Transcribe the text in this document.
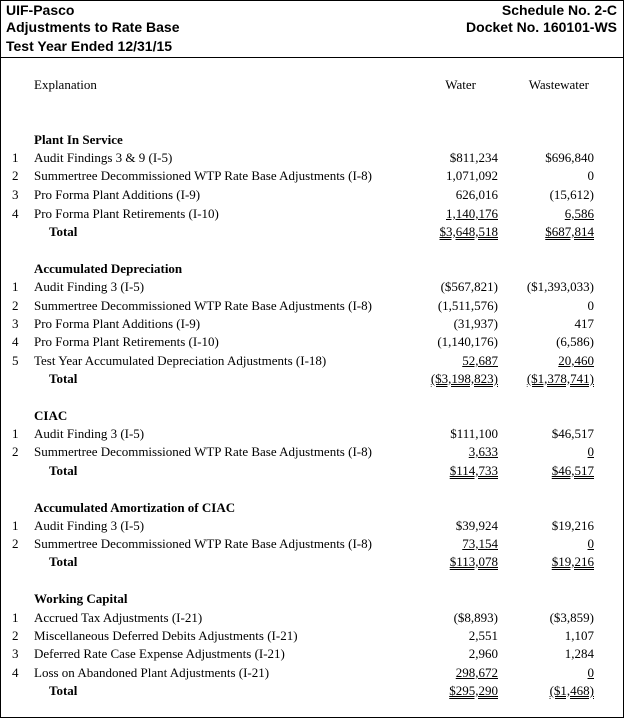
UIF-Pasco
Adjustments to Rate Base
Test Year Ended 12/31/15
Schedule No. 2-C
Docket No. 160101-WS
Explanation	Water	Wastewater
Plant In Service
1 Audit Findings 3 & 9 (I-5)	$811,234	$696,840
2 Summertree Decommissioned WTP Rate Base Adjustments (I-8)	1,071,092	0
3 Pro Forma Plant Additions (I-9)	626,016	(15,612)
4 Pro Forma Plant Retirements (I-10)	1,140,176	6,586
Total	$3,648,518	$687,814
Accumulated Depreciation
1 Audit Finding 3 (I-5)	($567,821) ($1,393,033)
2 Summertree Decommissioned WTP Rate Base Adjustments (I-8)	(1,511,576)	0
3 Pro Forma Plant Additions (I-9)	(31,937)	417
4 Pro Forma Plant Retirements (I-10)	(1,140,176)	(6,586)
5 Test Year Accumulated Depreciation Adjustments (I-18)	52,687	20,460
Total	($3,198,823) ($1,378,741)
CIAC
1 Audit Finding 3 (I-5)	$111,100	$46,517
2 Summertree Decommissioned WTP Rate Base Adjustments (I-8)	3,633	0
Total	$114,733	$46,517
Accumulated Amortization of CIAC
1 Audit Finding 3 (I-5)	$39,924	$19,216
2 Summertree Decommissioned WTP Rate Base Adjustments (I-8)	73,154	0
Total	$113,078	$19,216
Working Capital
1 Accrued Tax Adjustments (I-21)	($8,893)	($3,859)
2 Miscellaneous Deferred Debits Adjustments (I-21)	2,551	1,107
3 Deferred Rate Case Expense Adjustments (I-21)	2,960	1,284
4 Loss on Abandoned Plant Adjustments (I-21)	298,672	0
Total	$295,290	($1,468)
